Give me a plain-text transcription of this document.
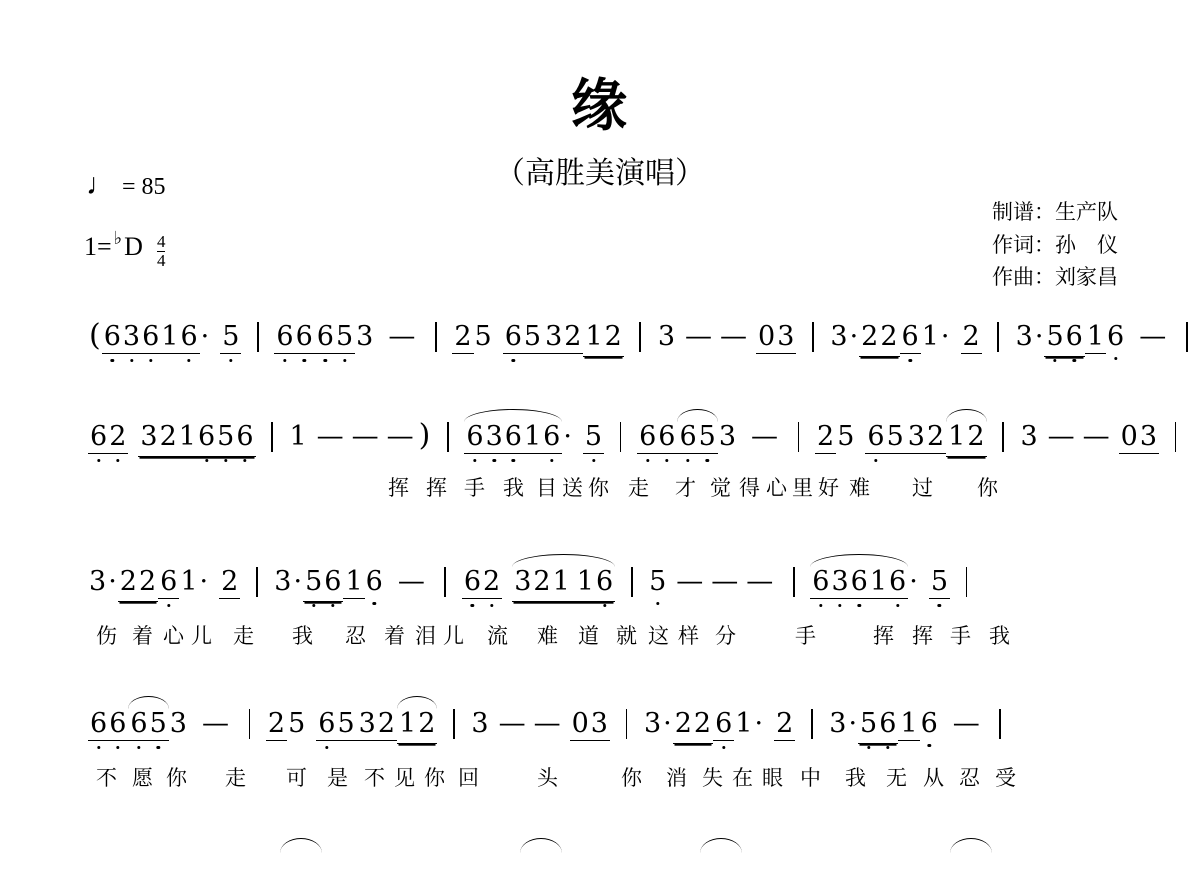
缘
（高胜美演唱）
♩ = 85
1= ♭ D $\frac{4}{4}$
制谱：生产队
作词：孙　仪
作曲：刘家昌
( 63616 · 5 66 65 3 — 2 5 65 32 12 3 — — 03 3· 22 6 1· 2 3· 56 1 6 —
62 321656 1 — — — ) 63616 · 5 66 65 3 — 2 5 65 32 12 3 — — 03
挥 挥 手 我 目 送 你 走 才 觉 得 心 里 好 难 过 你
3· 22 6 1· 2 3· 56 1 6 — 62 321 1
6 5 — — — 63616 · 5
伤 着 心 儿 走 我 忍 着 泪 儿 流 难 道 就 这 样 分	手	挥 挥 手 我
66 65 3 — 2 5 65 32 12 3 — — 03 3· 22 6 1· 2 3· 56 1 6 —
不 愿 你 走 可 是 不 见 你 回	头	你 消 失 在 眼 中 我 无 从 忍 受
